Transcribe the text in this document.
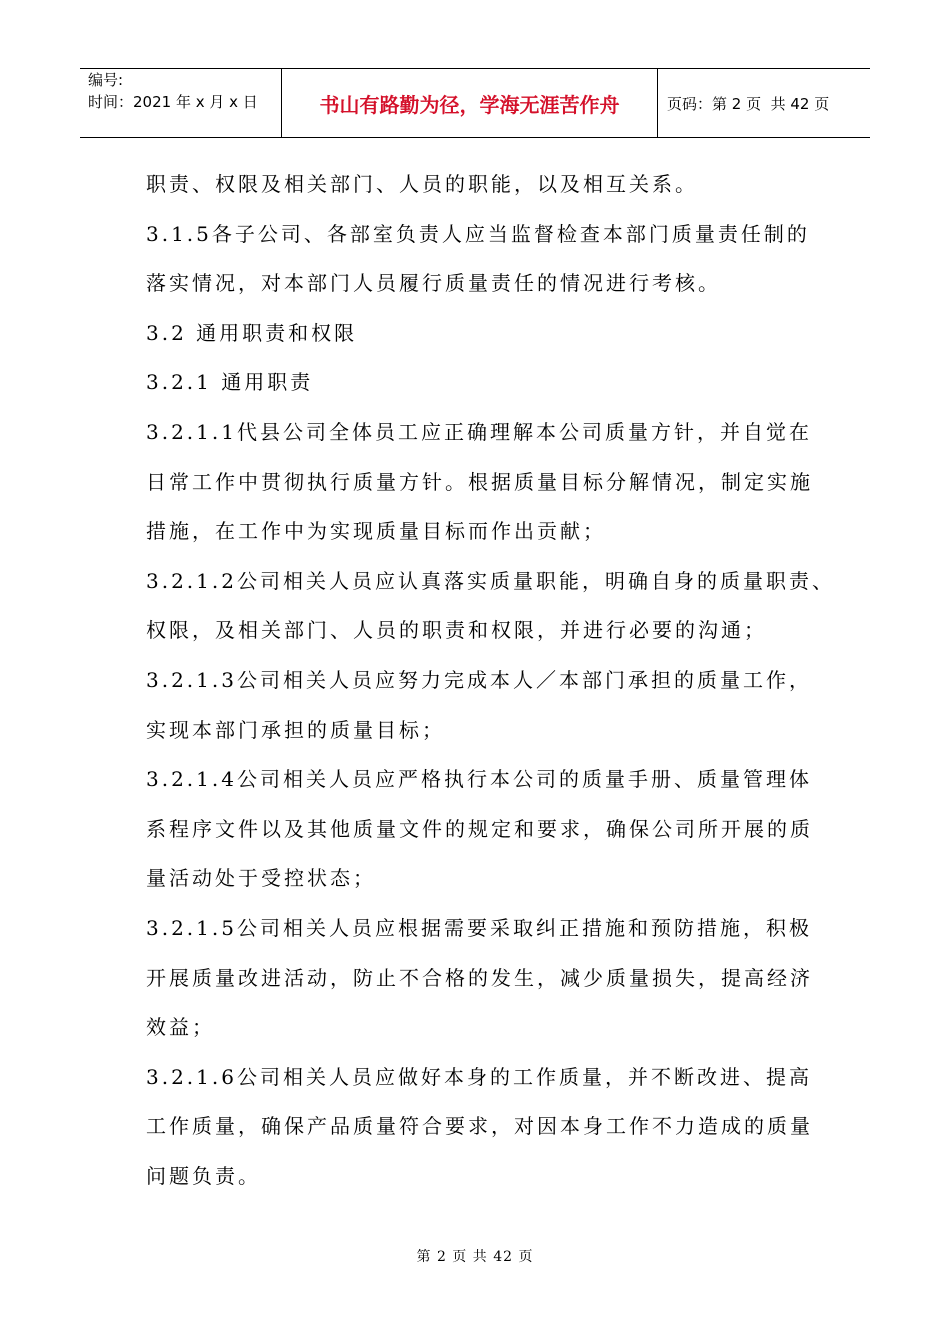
编号:
时间：2021 年 x 月 x 日	书山有路勤为径，学海无涯苦作舟	页码：第 2 页  共 42 页
职责、权限及相关部门、人员的职能，以及相互关系。
3.1.5各子公司、各部室负责人应当监督检查本部门质量责任制的
落实情况，对本部门人员履行质量责任的情况进行考核。
3.2 通用职责和权限
3.2.1 通用职责
3.2.1.1代县公司全体员工应正确理解本公司质量方针，并自觉在
日常工作中贯彻执行质量方针。根据质量目标分解情况，制定实施
措施，在工作中为实现质量目标而作出贡献；
3.2.1.2公司相关人员应认真落实质量职能，明确自身的质量职责、
权限，及相关部门、人员的职责和权限，并进行必要的沟通；
3.2.1.3公司相关人员应努力完成本人／本部门承担的质量工作，
实现本部门承担的质量目标；
3.2.1.4公司相关人员应严格执行本公司的质量手册、质量管理体
系程序文件以及其他质量文件的规定和要求，确保公司所开展的质
量活动处于受控状态；
3.2.1.5公司相关人员应根据需要采取纠正措施和预防措施，积极
开展质量改进活动，防止不合格的发生，减少质量损失，提高经济
效益；
3.2.1.6公司相关人员应做好本身的工作质量，并不断改进、提高
工作质量，确保产品质量符合要求，对因本身工作不力造成的质量
问题负责。
第 2 页 共 42 页
